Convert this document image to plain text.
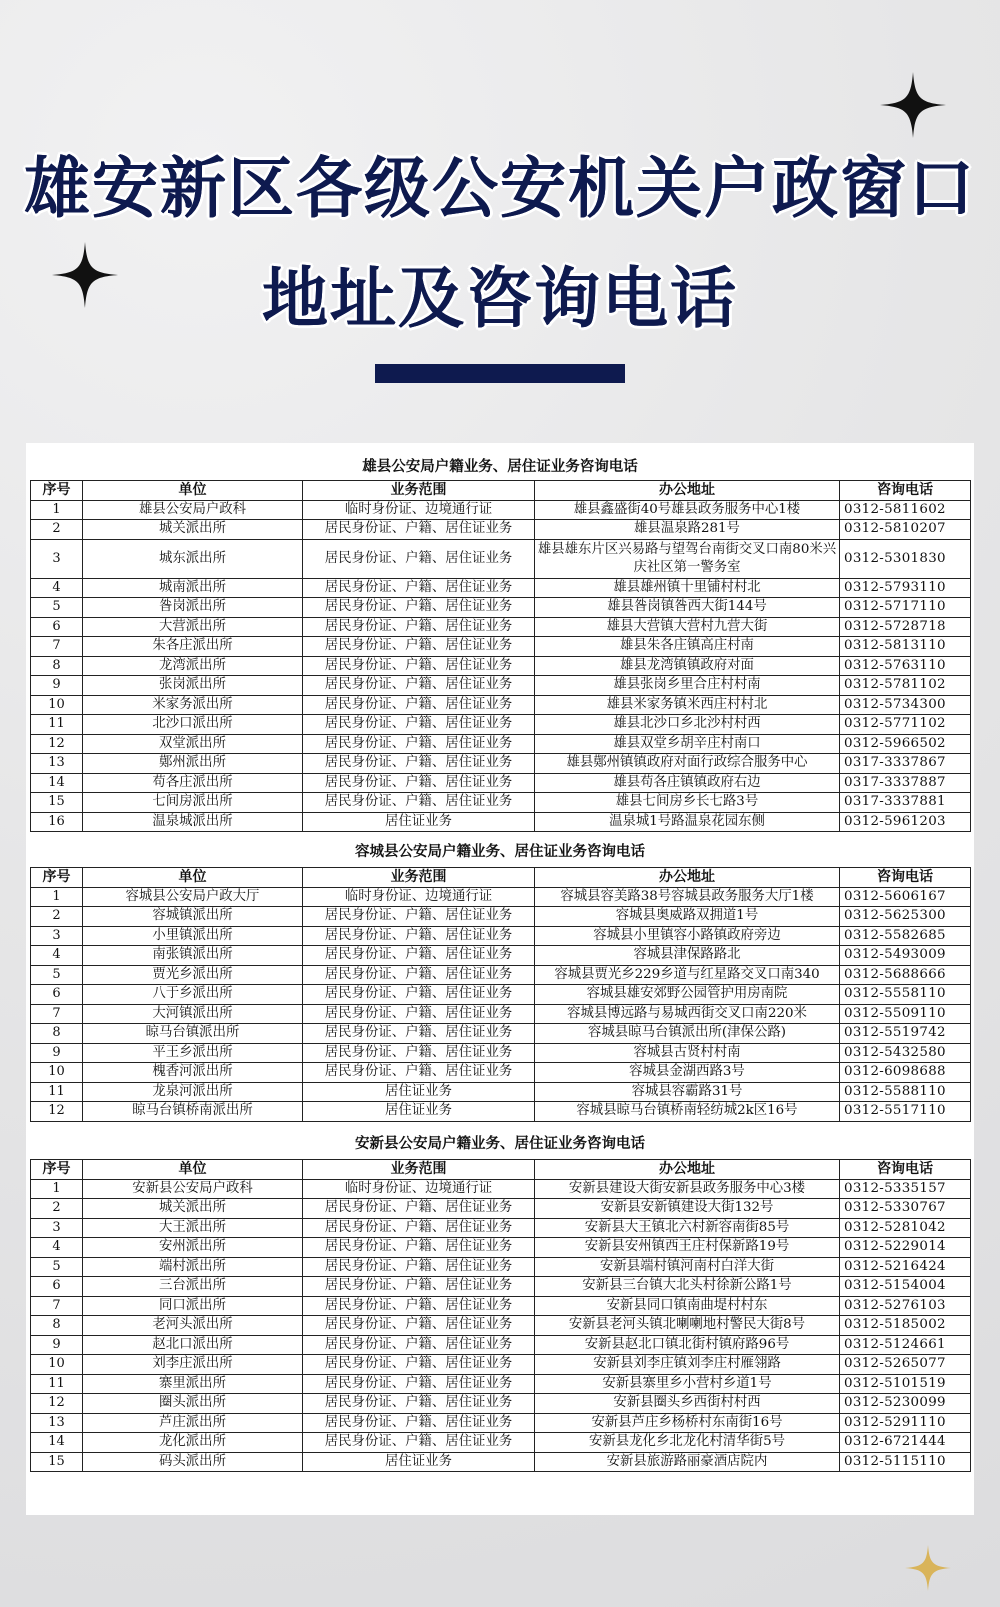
雄安新区各级公安机关户政窗口
地址及咨询电话
雄县公安局户籍业务、居住证业务咨询电话
序号	单位	业务范围	办公地址	咨询电话
1	雄县公安局户政科	临时身份证、边境通行证	雄县鑫盛街40号雄县政务服务中心1楼	0312-5811602
2	城关派出所	居民身份证、户籍、居住证业务	雄县温泉路281号	0312-5810207
3	城东派出所	居民身份证、户籍、居住证业务	雄县雄东片区兴易路与望驾台南街交叉口南80米兴庆社区第一警务室	0312-5301830
4	城南派出所	居民身份证、户籍、居住证业务	雄县雄州镇十里铺村村北	0312-5793110
5	昝岗派出所	居民身份证、户籍、居住证业务	雄县昝岗镇昝西大街144号	0312-5717110
6	大营派出所	居民身份证、户籍、居住证业务	雄县大营镇大营村九营大街	0312-5728718
7	朱各庄派出所	居民身份证、户籍、居住证业务	雄县朱各庄镇高庄村南	0312-5813110
8	龙湾派出所	居民身份证、户籍、居住证业务	雄县龙湾镇镇政府对面	0312-5763110
9	张岗派出所	居民身份证、户籍、居住证业务	雄县张岗乡里合庄村村南	0312-5781102
10	米家务派出所	居民身份证、户籍、居住证业务	雄县米家务镇米西庄村村北	0312-5734300
11	北沙口派出所	居民身份证、户籍、居住证业务	雄县北沙口乡北沙村村西	0312-5771102
12	双堂派出所	居民身份证、户籍、居住证业务	雄县双堂乡胡辛庄村南口	0312-5966502
13	鄚州派出所	居民身份证、户籍、居住证业务	雄县鄚州镇镇政府对面行政综合服务中心	0317-3337867
14	苟各庄派出所	居民身份证、户籍、居住证业务	雄县苟各庄镇镇政府右边	0317-3337887
15	七间房派出所	居民身份证、户籍、居住证业务	雄县七间房乡长七路3号	0317-3337881
16	温泉城派出所	居住证业务	温泉城1号路温泉花园东侧	0312-5961203
容城县公安局户籍业务、居住证业务咨询电话
序号	单位	业务范围	办公地址	咨询电话
1	容城县公安局户政大厅	临时身份证、边境通行证	容城县容美路38号容城县政务服务大厅1楼	0312-5606167
2	容城镇派出所	居民身份证、户籍、居住证业务	容城县奥威路双拥道1号	0312-5625300
3	小里镇派出所	居民身份证、户籍、居住证业务	容城县小里镇容小路镇政府旁边	0312-5582685
4	南张镇派出所	居民身份证、户籍、居住证业务	容城县津保路路北	0312-5493009
5	贾光乡派出所	居民身份证、户籍、居住证业务	容城县贾光乡229乡道与红星路交叉口南340	0312-5688666
6	八于乡派出所	居民身份证、户籍、居住证业务	容城县雄安郊野公园管护用房南院	0312-5558110
7	大河镇派出所	居民身份证、户籍、居住证业务	容城县博远路与易城西街交叉口南220米	0312-5509110
8	晾马台镇派出所	居民身份证、户籍、居住证业务	容城县晾马台镇派出所(津保公路)	0312-5519742
9	平王乡派出所	居民身份证、户籍、居住证业务	容城县古贤村村南	0312-5432580
10	槐香河派出所	居民身份证、户籍、居住证业务	容城县金湖西路3号	0312-6098688
11	龙泉河派出所	居住证业务	容城县容霸路31号	0312-5588110
12	晾马台镇桥南派出所	居住证业务	容城县晾马台镇桥南轻纺城2k区16号	0312-5517110
安新县公安局户籍业务、居住证业务咨询电话
序号	单位	业务范围	办公地址	咨询电话
1	安新县公安局户政科	临时身份证、边境通行证	安新县建设大街安新县政务服务中心3楼	0312-5335157
2	城关派出所	居民身份证、户籍、居住证业务	安新县安新镇建设大街132号	0312-5330767
3	大王派出所	居民身份证、户籍、居住证业务	安新县大王镇北六村新容南街85号	0312-5281042
4	安州派出所	居民身份证、户籍、居住证业务	安新县安州镇西王庄村保新路19号	0312-5229014
5	端村派出所	居民身份证、户籍、居住证业务	安新县端村镇河南村白洋大街	0312-5216424
6	三台派出所	居民身份证、户籍、居住证业务	安新县三台镇大北头村徐新公路1号	0312-5154004
7	同口派出所	居民身份证、户籍、居住证业务	安新县同口镇南曲堤村村东	0312-5276103
8	老河头派出所	居民身份证、户籍、居住证业务	安新县老河头镇北喇喇地村警民大街8号	0312-5185002
9	赵北口派出所	居民身份证、户籍、居住证业务	安新县赵北口镇北街村镇府路96号	0312-5124661
10	刘李庄派出所	居民身份证、户籍、居住证业务	安新县刘李庄镇刘李庄村雁翎路	0312-5265077
11	寨里派出所	居民身份证、户籍、居住证业务	安新县寨里乡小营村乡道1号	0312-5101519
12	圈头派出所	居民身份证、户籍、居住证业务	安新县圈头乡西街村村西	0312-5230099
13	芦庄派出所	居民身份证、户籍、居住证业务	安新县芦庄乡杨桥村东南街16号	0312-5291110
14	龙化派出所	居民身份证、户籍、居住证业务	安新县龙化乡北龙化村清华街5号	0312-6721444
15	码头派出所	居住证业务	安新县旅游路丽豪酒店院内	0312-5115110
